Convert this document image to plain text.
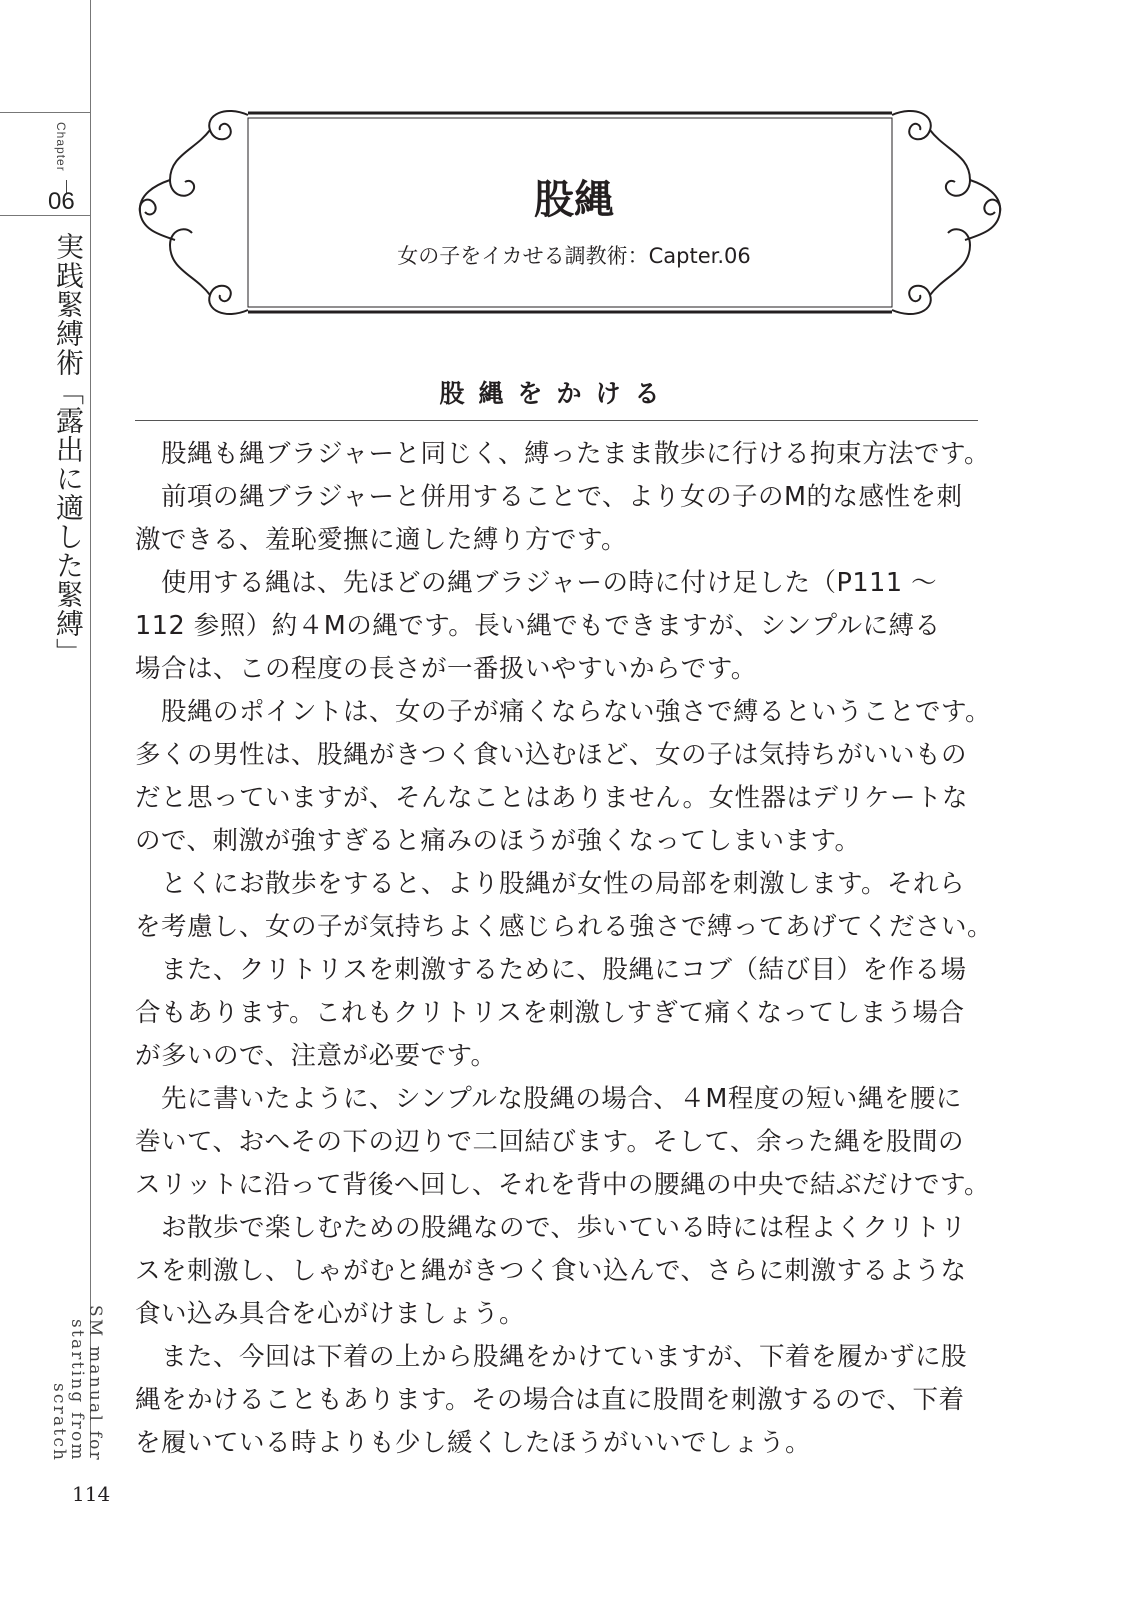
Chapter
06
実践緊縛術「露出に適した緊縛」
SM manual for starting from scratch
114
股縄
女の子をイカせる調教術：Capter.06
股縄をかける
　股縄も縄ブラジャーと同じく、縛ったまま散歩に行ける拘束方法です。
　前項の縄ブラジャーと併用することで、より女の子のM的な感性を刺
激できる、羞恥愛撫に適した縛り方です。
　使用する縄は、先ほどの縄ブラジャーの時に付け足した（P111 ～
112 参照）約４Mの縄です。長い縄でもできますが、シンプルに縛る
場合は、この程度の長さが一番扱いやすいからです。
　股縄のポイントは、女の子が痛くならない強さで縛るということです。
多くの男性は、股縄がきつく食い込むほど、女の子は気持ちがいいもの
だと思っていますが、そんなことはありません。女性器はデリケートな
ので、刺激が強すぎると痛みのほうが強くなってしまいます。
　とくにお散歩をすると、より股縄が女性の局部を刺激します。それら
を考慮し、女の子が気持ちよく感じられる強さで縛ってあげてください。
　また、クリトリスを刺激するために、股縄にコブ（結び目）を作る場
合もあります。これもクリトリスを刺激しすぎて痛くなってしまう場合
が多いので、注意が必要です。
　先に書いたように、シンプルな股縄の場合、４M程度の短い縄を腰に
巻いて、おへその下の辺りで二回結びます。そして、余った縄を股間の
スリットに沿って背後へ回し、それを背中の腰縄の中央で結ぶだけです。
　お散歩で楽しむための股縄なので、歩いている時には程よくクリトリ
スを刺激し、しゃがむと縄がきつく食い込んで、さらに刺激するような
食い込み具合を心がけましょう。
　また、今回は下着の上から股縄をかけていますが、下着を履かずに股
縄をかけることもあります。その場合は直に股間を刺激するので、下着
を履いている時よりも少し緩くしたほうがいいでしょう。
